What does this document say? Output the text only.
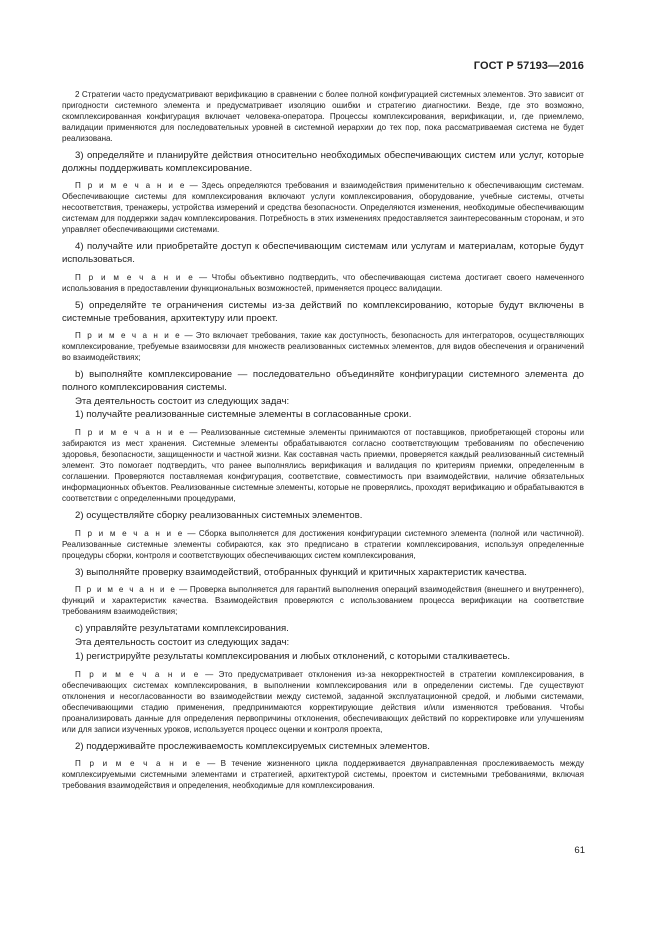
ГОСТ Р 57193—2016

2 Стратегии часто предусматривают верификацию в сравнении с более полной конфигурацией системных элементов. Это зависит от пригодности системного элемента и предусматривает изоляцию ошибки и стратегию диагностики. Везде, где это возможно, скомплексированная конфигурация включает человека-оператора. Процессы комплексирования, верификации, и, где приемлемо, валидации применяются для последовательных уровней в системной иерархии до тех пор, пока рассматриваемая система не будет реализована.

3) определяйте и планируйте действия относительно необходимых обеспечивающих систем или услуг, которые должны поддерживать комплексирование.

П р и м е ч а н и е — Здесь определяются требования и взаимодействия применительно к обеспечивающим системам. Обеспечивающие системы для комплексирования включают услуги комплексирования, оборудование, учебные системы, отчеты несоответствия, тренажеры, устройства измерений и средства безопасности. Определяются изменения, необходимые обеспечивающим системам для поддержки задач комплексирования. Потребность в этих изменениях предоставляется заинтересованным сторонам, и это управляет обеспечивающими системами.

4) получайте или приобретайте доступ к обеспечивающим системам или услугам и материалам, которые будут использоваться.

П р и м е ч а н и е — Чтобы объективно подтвердить, что обеспечивающая система достигает своего намеченного использования в предоставлении функциональных возможностей, применяется процесс валидации.

5) определяйте те ограничения системы из-за действий по комплексированию, которые будут включены в системные требования, архитектуру или проект.

П р и м е ч а н и е — Это включает требования, такие как доступность, безопасность для интеграторов, осуществляющих комплексирование, требуемые взаимосвязи для множеств реализованных системных элементов, для видов обеспечения и ограничений во взаимодействиях;

b) выполняйте комплексирование — последовательно объединяйте конфигурации системного элемента до полного комплексирования системы.

Эта деятельность состоит из следующих задач:

1) получайте реализованные системные элементы в согласованные сроки.

П р и м е ч а н и е — Реализованные системные элементы принимаются от поставщиков, приобретающей стороны или забираются из мест хранения. Системные элементы обрабатываются согласно соответствующим требованиям по обеспечению здоровья, безопасности, защищенности и частной жизни. Как составная часть приемки, проверяется каждый реализованный системный элемент. Это помогает подтвердить, что ранее выполнялись верификация и валидация по критериям приемки, определенным в соглашении. Проверяются поставляемая конфигурация, соответствие, совместимость при взаимодействии, наличие обязательных информационных объектов. Реализованные системные элементы, которые не проверялись, проходят верификацию и обрабатываются в соответствии с определенными процедурами,

2) осуществляйте сборку реализованных системных элементов.

П р и м е ч а н и е — Сборка выполняется для достижения конфигурации системного элемента (полной или частичной). Реализованные системные элементы собираются, как это предписано в стратегии комплексирования, используя определенные процедуры сборки, контроля и соответствующих обеспечивающих систем комплексирования,

3) выполняйте проверку взаимодействий, отобранных функций и критичных характеристик качества.

П р и м е ч а н и е — Проверка выполняется для гарантий выполнения операций взаимодействия (внешнего и внутреннего), функций и характеристик качества. Взаимодействия проверяются с использованием процесса верификации на соответствие требованиям взаимодействия;

с) управляйте результатами комплексирования.

Эта деятельность состоит из следующих задач:

1) регистрируйте результаты комплексирования и любых отклонений, с которыми сталкиваетесь.

П р и м е ч а н и е — Это предусматривает отклонения из-за некорректностей в стратегии комплексирования, в обеспечивающих системах комплексирования, в выполнении комплексирования или в определении системы. Где существуют отклонения и несогласованности во взаимодействии между системой, заданной эксплуатационной средой, и любыми системами, обеспечивающими стадию применения, предпринимаются корректирующие действия и/или изменяются требования. Чтобы проанализировать данные для определения первопричины отклонения, обеспечивающих действий по корректировке или улучшениям или для записи изученных уроков, используется процесс оценки и контроля проекта,

2) поддерживайте прослеживаемость комплексируемых системных элементов.

П р и м е ч а н и е — В течение жизненного цикла поддерживается двунаправленная прослеживаемость между комплексируемыми системными элементами и стратегией, архитектурой системы, проектом и системными требованиями, включая требования взаимодействия и определения, необходимые для комплексирования.

61
